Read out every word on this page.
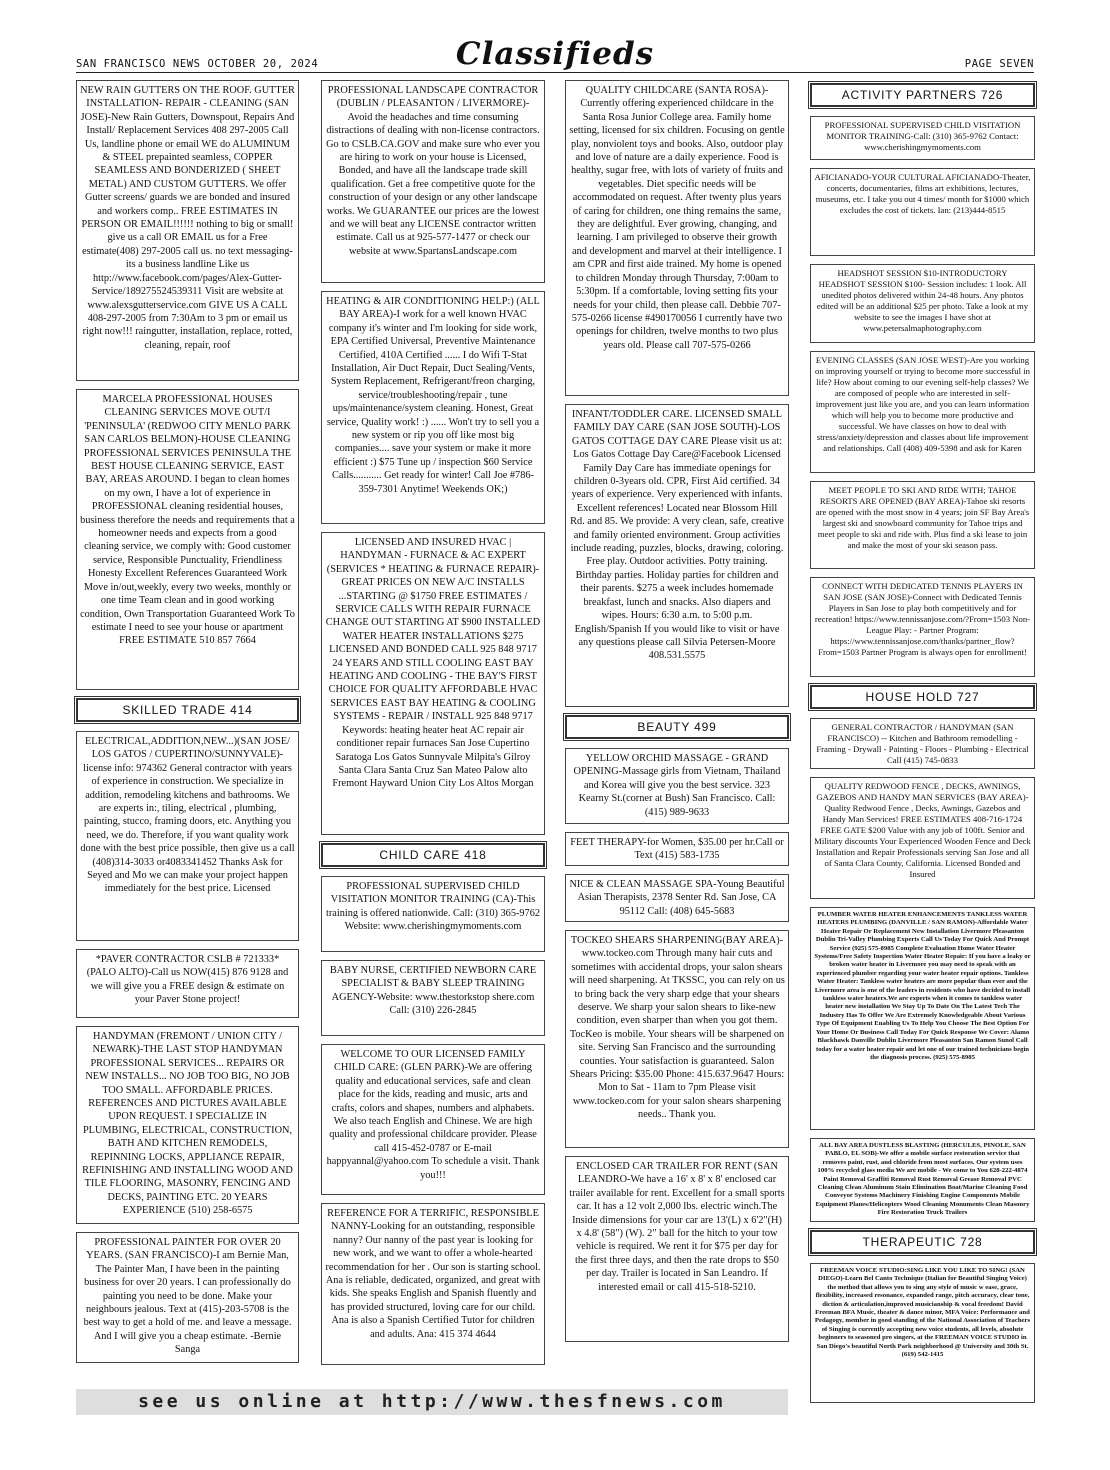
SAN FRANCISCO NEWS OCTOBER 20, 2024	Classifieds	PAGE SEVEN
NEW RAIN GUTTERS ON THE ROOF. GUTTER INSTALLATION- REPAIR - CLEANING (SAN JOSE)-New Rain Gutters, Downspout, Repairs And Install/ Replacement Services 408 297-2005 Call Us, landline phone or email WE do ALUMINUM & STEEL prepainted seamless, COPPER SEAMLESS AND BONDERIZED ( SHEET METAL) AND CUSTOM GUTTERS. We offer Gutter screens/ guards we are bonded and insured and workers comp.. FREE ESTIMATES IN PERSON OR EMAIL!!!!!! nothing to big or small! give us a call OR EMAIL us for a Free estimate(408) 297-2005 call us. no text messaging- its a business landline Like us http://www.facebook.com/pages/Alex-Gutter-Service/189275524539311 Visit are website at www.alexsgutterservice.com GIVE US A CALL 408-297-2005 from 7:30Am to 3 pm or email us right now!!! raingutter, installation, replace, rotted, cleaning, repair, roof
MARCELA PROFESSIONAL HOUSES CLEANING SERVICES MOVE OUT/I 'PENINSULA' (REDWOO CITY MENLO PARK SAN CARLOS BELMON)-HOUSE CLEANING PROFESSIONAL SERVICES PENINSULA THE BEST HOUSE CLEANING SERVICE, EAST BAY, AREAS AROUND. I began to clean homes on my own, I have a lot of experience in PROFESSIONAL cleaning residential houses, business therefore the needs and requirements that a homeowner needs and expects from a good cleaning service, we comply with: Good customer service, Responsible Punctuality, Friendliness Honesty Excellent References Guaranteed Work Move in/out,weekly, every two weeks, monthly or one time Team clean and in good working condition, Own Transportation Guaranteed Work To estimate I need to see your house or apartment FREE ESTIMATE 510 857 7664
SKILLED TRADE 414
ELECTRICAL,ADDITION,NEW...)(SAN JOSE/ LOS GATOS / CUPERTINO/SUNNYVALE)-license info: 974362 General contractor with years of experience in construction. We specialize in addition, remodeling kitchens and bathrooms. We are experts in:, tiling, electrical , plumbing, painting, stucco, framing doors, etc. Anything you need, we do. Therefore, if you want quality work done with the best price possible, then give us a call (408)314-3033 or4083341452 Thanks Ask for Seyed and Mo we can make your project happen immediately for the best price. Licensed
*PAVER CONTRACTOR CSLB # 721333* (PALO ALTO)-Call us NOW(415) 876 9128 and we will give you a FREE design & estimate on your Paver Stone project!
HANDYMAN (FREMONT / UNION CITY / NEWARK)-THE LAST STOP HANDYMAN PROFESSIONAL SERVICES... REPAIRS OR NEW INSTALLS... NO JOB TOO BIG, NO JOB TOO SMALL. AFFORDABLE PRICES. REFERENCES AND PICTURES AVAILABLE UPON REQUEST. I SPECIALIZE IN PLUMBING, ELECTRICAL, CONSTRUCTION, BATH AND KITCHEN REMODELS, REPINNING LOCKS, APPLIANCE REPAIR, REFINISHING AND INSTALLING WOOD AND TILE FLOORING, MASONRY, FENCING AND DECKS, PAINTING ETC. 20 YEARS EXPERIENCE (510) 258-6575
PROFESSIONAL PAINTER FOR OVER 20 YEARS. (SAN FRANCISCO)-I am Bernie Man, The Painter Man, I have been in the painting business for over 20 years. I can professionally do painting you need to be done. Make your neighbours jealous. Text at (415)-203-5708 is the best way to get a hold of me. and leave a message. And I will give you a cheap estimate. -Bernie Sanga
PROFESSIONAL LANDSCAPE CONTRACTOR (DUBLIN / PLEASANTON / LIVERMORE)-Avoid the headaches and time consuming distractions of dealing with non-license contractors. Go to CSLB.CA.GOV and make sure who ever you are hiring to work on your house is Licensed, Bonded, and have all the landscape trade skill qualification. Get a free competitive quote for the construction of your design or any other landscape works. We GUARANTEE our prices are the lowest and we will beat any LICENSE contractor written estimate. Call us at 925-577-1477 or check our website at www.SpartansLandscape.com
HEATING & AIR CONDITIONING HELP:) (ALL BAY AREA)-I work for a well known HVAC company it's winter and I'm looking for side work, EPA Certified Universal, Preventive Maintenance Certified, 410A Certified ...... I do Wifi T-Stat Installation, Air Duct Repair, Duct Sealing/Vents, System Replacement, Refrigerant/freon charging, service/troubleshooting/repair , tune ups/maintenance/system cleaning. Honest, Great service, Quality work! :) ...... Won't try to sell you a new system or rip you off like most big companies.... save your system or make it more efficient :) $75 Tune up / inspection $60 Service Calls........... Get ready for winter! Call Joe #786-359-7301 Anytime! Weekends OK;)
LICENSED AND INSURED HVAC | HANDYMAN - FURNACE & AC EXPERT (SERVICES * HEATING & FURNACE REPAIR)-GREAT PRICES ON NEW A/C INSTALLS ...STARTING @ $1750 FREE ESTIMATES / SERVICE CALLS WITH REPAIR FURNACE CHANGE OUT STARTING AT $900 INSTALLED WATER HEATER INSTALLATIONS $275 LICENSED AND BONDED CALL 925 848 9717 24 YEARS AND STILL COOLING EAST BAY HEATING AND COOLING - THE BAY'S FIRST CHOICE FOR QUALITY AFFORDABLE HVAC SERVICES EAST BAY HEATING & COOLING SYSTEMS - REPAIR / INSTALL 925 848 9717 Keywords: heating heater heat AC repair air conditioner repair furnaces San Jose Cupertino Saratoga Los Gatos Sunnyvale Milpita's Gilroy Santa Clara Santa Cruz San Mateo Palow alto Fremont Hayward Union City Los Altos Morgan
CHILD CARE 418
PROFESSIONAL SUPERVISED CHILD VISITATION MONITOR TRAINING (CA)-This training is offered nationwide. Call: (310) 365-9762 Website: www.cherishingmymoments.com
BABY NURSE, CERTIFIED NEWBORN CARE SPECIALIST & BABY SLEEP TRAINING AGENCY-Website: www.thestorkstop shere.com Call: (310) 226-2845
WELCOME TO OUR LICENSED FAMILY CHILD CARE: (GLEN PARK)-We are offering quality and educational services, safe and clean place for the kids, reading and music, arts and crafts, colors and shapes, numbers and alphabets. We also teach English and Chinese. We are high quality and professional childcare provider. Please call 415-452-0787 or E-mail happyannal@yahoo.com To schedule a visit. Thank you!!!
REFERENCE FOR A TERRIFIC, RESPONSIBLE NANNY-Looking for an outstanding, responsible nanny? Our nanny of the past year is looking for new work, and we want to offer a whole-hearted recommendation for her . Our son is starting school. Ana is reliable, dedicated, organized, and great with kids. She speaks English and Spanish fluently and has provided structured, loving care for our child. Ana is also a Spanish Certified Tutor for children and adults. Ana: 415 374 4644
QUALITY CHILDCARE (SANTA ROSA)-Currently offering experienced childcare in the Santa Rosa Junior College area. Family home setting, licensed for six children. Focusing on gentle play, nonviolent toys and books. Also, outdoor play and love of nature are a daily experience. Food is healthy, sugar free, with lots of variety of fruits and vegetables. Diet specific needs will be accommodated on request. After twenty plus years of caring for children, one thing remains the same, they are delightful. Ever growing, changing, and learning. I am privileged to observe their growth and development and marvel at their intelligence. I am CPR and first aide trained. My home is opened to children Monday through Thursday, 7:00am to 5:30pm. If a comfortable, loving setting fits your needs for your child, then please call. Debbie 707-575-0266 license #490170056 I currently have two openings for children, twelve months to two plus years old. Please call 707-575-0266
INFANT/TODDLER CARE. LICENSED SMALL FAMILY DAY CARE (SAN JOSE SOUTH)-LOS GATOS COTTAGE DAY CARE Please visit us at: Los Gatos Cottage Day Care@Facebook Licensed Family Day Care has immediate openings for children 0-3years old. CPR, First Aid certified. 34 years of experience. Very experienced with infants. Excellent references! Located near Blossom Hill Rd. and 85. We provide: A very clean, safe, creative and family oriented environment. Group activities include reading, puzzles, blocks, drawing, coloring. Free play. Outdoor activities. Potty training. Birthday parties. Holiday parties for children and their parents. $275 a week includes homemade breakfast, lunch and snacks. Also diapers and wipes. Hours: 6:30 a.m. to 5:00 p.m. English/Spanish If you would like to visit or have any questions please call Silvia Petersen-Moore 408.531.5575
BEAUTY 499
YELLOW ORCHID MASSAGE - GRAND OPENING-Massage girls from Vietnam, Thailand and Korea will give you the best service. 323 Kearny St.(corner at Bush) San Francisco. Call: (415) 989-9633
FEET THERAPY-for Women, $35.00 per hr.Call or Text (415) 583-1735
NICE & CLEAN MASSAGE SPA-Young Beautiful Asian Therapists, 2378 Senter Rd. San Jose, CA 95112 Call: (408) 645-5683
TOCKEO SHEARS SHARPENING(BAY AREA)-www.tockeo.com Through many hair cuts and sometimes with accidental drops, your salon shears will need sharpening. At TKSSC, you can rely on us to bring back the very sharp edge that your shears deserve. We sharp your salon shears to like-new condition, even sharper than when you got them. TocKeo is mobile. Your shears will be sharpened on site. Serving San Francisco and the surrounding counties. Your satisfaction is guaranteed. Salon Shears Pricing: $35.00 Phone: 415.637.9647 Hours: Mon to Sat - 11am to 7pm Please visit www.tockeo.com for your salon shears sharpening needs.. Thank you.
ENCLOSED CAR TRAILER FOR RENT (SAN LEANDRO-We have a 16' x 8' x 8' enclosed car trailer available for rent. Excellent for a small sports car. It has a 12 volt 2,000 lbs. electric winch.The Inside dimensions for your car are 13'(L) x 6'2"(H) x 4.8' (58") (W). 2" ball for the hitch to your tow vehicle is required. We rent it for $75 per day for the first three days, and then the rate drops to $50 per day. Trailer is located in San Leandro. If interested email or call 415-518-5210.
ACTIVITY PARTNERS 726
PROFESSIONAL SUPERVISED CHILD VISITATION MONITOR TRAINING-Call: (310) 365-9762 Contact: www.cherishingmymoments.com
AFICIANADO-YOUR CULTURAL AFICIANADO-Theater, concerts, documentaries, films art exhibitions, lectures, museums, etc. I take you out 4 times/ month for $1000 which excludes the cost of tickets. Ian: (213)444-8515
HEADSHOT SESSION $10-INTRODUCTORY HEADSHOT SESSION $100- Session includes: 1 look. All unedited photos delivered within 24-48 hours. Any photos edited will be an additional $25 per photo. Take a look at my website to see the images I have shot at www.petersalmaphotography.com
EVENING CLASSES (SAN JOSE WEST)-Are you working on improving yourself or trying to become more successful in life? How about coming to our evening self-help classes? We are composed of people who are interested in self-improvement just like you are, and you can learn information which will help you to become more productive and successful. We have classes on how to deal with stress/anxiety/depression and classes about life improvement and relationships. Call (408) 409-5398 and ask for Karen
MEET PEOPLE TO SKI AND RIDE WITH; TAHOE RESORTS ARE OPENED (BAY AREA)-Tahoe ski resorts are opened with the most snow in 4 years; join SF Bay Area's largest ski and snowboard community for Tahoe trips and meet people to ski and ride with. Plus find a ski lease to join and make the most of your ski season pass.
CONNECT WITH DEDICATED TENNIS PLAYERS IN SAN JOSE (SAN JOSE)-Connect with Dedicated Tennis Players in San Jose to play both competitively and for recreation! https://www.tennissanjose.com/?From=1503 Non-League Play: - Partner Program: https://www.tennissanjose.com/thanks/partner_flow?From=1503 Partner Program is always open for enrollment!
HOUSE HOLD 727
GENERAL CONTRACTOR / HANDYMAN (SAN FRANCISCO) -- Kitchen and Bathroom remodelling - Framing - Drywall - Painting - Floors - Plumbing - Electrical Call (415) 745-0833
QUALITY REDWOOD FENCE , DECKS, AWNINGS, GAZEBOS AND HANDY MAN SERVICES (BAY AREA)-Quality Redwood Fence , Decks, Awnings, Gazebos and Handy Man Services! FREE ESTIMATES 408-716-1724 FREE GATE $200 Value with any job of 100ft. Senior and Military discounts Your Experienced Wooden Fence and Deck Installation and Repair Professionals serving San Jose and all of Santa Clara County, California. Licensed Bonded and Insured
PLUMBER WATER HEATER ENHANCEMENTS TANKLESS WATER HEATERS PLUMBING (DANVILLE / SAN RAMON)-Affordable Water Heater Repair Or Replacement New Installation Livermore Pleasanton Dublin Tri-Valley Plumbing Experts Call Us Today For Quick And Prompt Service (925) 575-8985 Complete Evaluation Home Water Heater Systems/Free Safety Inspection Water Heater Repair: If you have a leaky or broken water heater in Livermore you may need to speak with an experienced plumber regarding your water heater repair options. Tankless Water Heater: Tankless water heaters are more popular than ever and the Livermore area is one of the leaders in residents who have decided to install tankless water heaters.We are experts when it comes to tankless water heater new installation We Stay Up To Date On The Latest Tech The Industry Has To Offer We Are Extremely Knowledgeable About Various Type Of Equipment Enabling Us To Help You Choose The Best Option For Your Home Or Business Call Today For Quick Response We Cover: Alamo Blackhawk Danville Dublin Livermore Pleasanton San Ramon Sunol Call today for a water heater repair and let one of our trained technicians begin the diagnosis process. (925) 575-8985
ALL BAY AREA DUSTLESS BLASTING (HERCULES, PINOLE, SAN PABLO, EL SOB)-We offer a mobile surface restoration service that removes paint, rust, and chloride from most surfaces. Our system uses 100% recycled glass media We are mobile - We come to You 628-222-4874 Paint Removal Graffiti Removal Rust Removal Grease Removal PVC Cleaning Clean Aluminum Stain Elimination Boat/Marine Cleaning Food Conveyor Systems Machinery Finishing Engine Components Mobile Equipment Planes/Helicopters Wood Cleaning Monuments Clean Masonry Fire Restoration Truck Trailers
THERAPEUTIC 728
FREEMAN VOICE STUDIO:SING LIKE YOU LIKE TO SING! (SAN DIEGO)-Learn Bel Canto Technique (Italian for Beautiful Singing Voice) the method that allows you to sing any style of music w ease, grace, flexibility, increased resonance, expanded range, pitch accuracy, clear tone, diction & articulation,improved musicianship & vocal freedom! David Freeman BFA Music, theater & dance minor, MFA Voice: Performance and Pedagogy, member in good standing of the National Association of Teachers of Singing is currently accepting new voice students, all levels, absolute beginners to seasoned pro singers, at the FREEMAN VOICE STUDIO in San Diego's beautiful North Park neighborhood @ University and 30th St. (619) 542-1415
see us online at http://www.thesfnews.com
